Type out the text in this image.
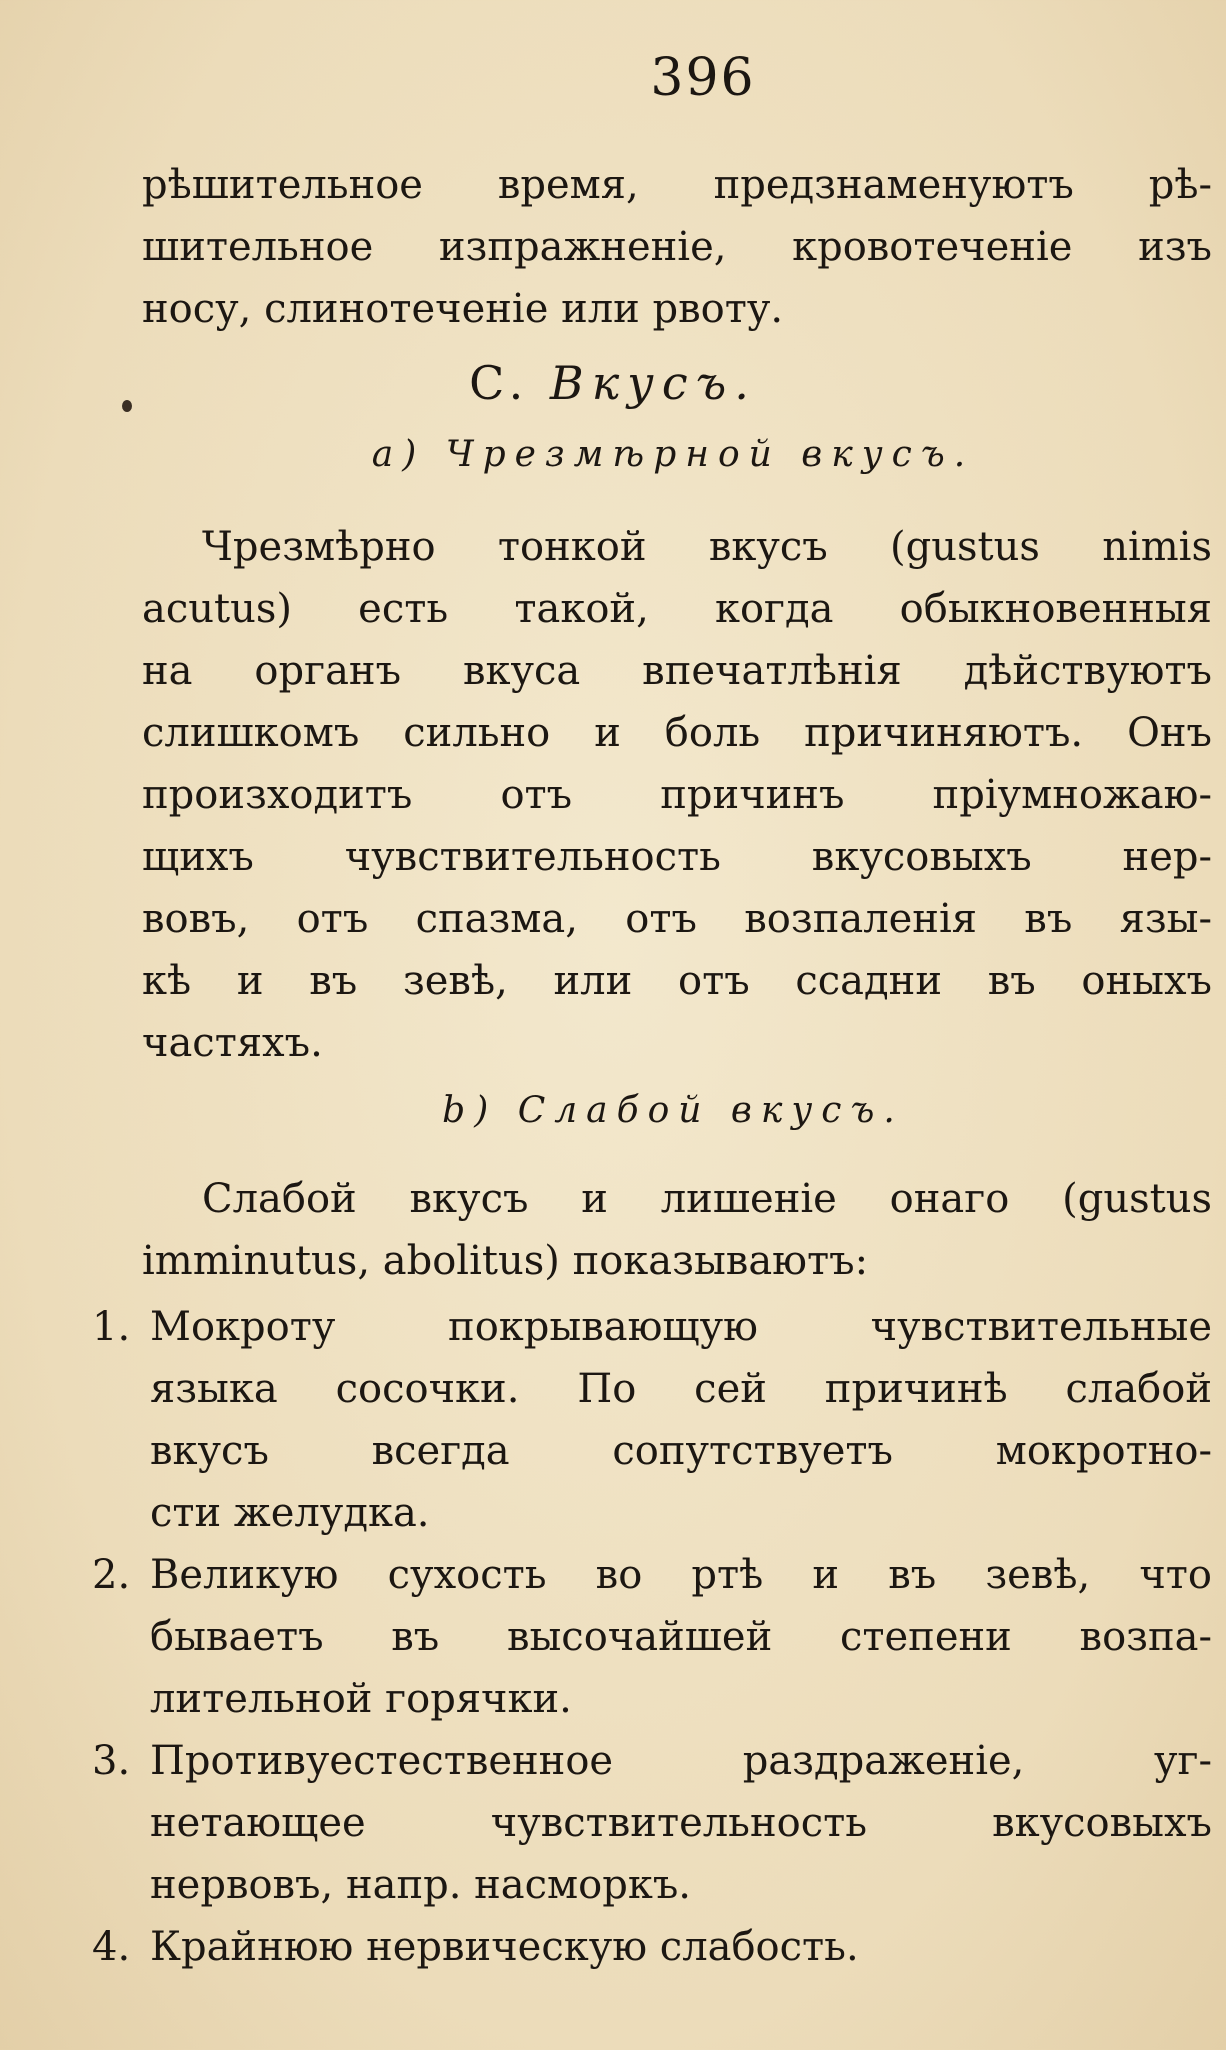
396
рѣшительное время, предзнаменуютъ рѣ-
шительное изпражненіе, кровотеченіе изъ
носу, слинотеченіе или рвоту.
C. Вкусъ.
a) Чрезмѣрной вкусъ.
Чрезмѣрно тонкой вкусъ (gustus nimis
acutus) есть такой, когда обыкновенныя
на органъ вкуса впечатлѣнія дѣйствуютъ
слишкомъ сильно и боль причиняютъ. Онъ
произходитъ отъ причинъ пріумножаю-
щихъ чувствительность вкусовыхъ нер-
вовъ, отъ спазма, отъ возпаленія въ язы-
кѣ и въ зевѣ, или отъ ссадни въ оныхъ
частяхъ.
b) Слабой вкусъ.
Слабой вкусъ и лишеніе онаго (gustus
imminutus, abolitus) показываютъ:
1. Мокроту покрывающую чувствительные
языка сосочки. По сей причинѣ слабой
вкусъ всегда сопутствуетъ мокротно-
сти желудка.
2. Великую сухость во ртѣ и въ зевѣ, что
бываетъ въ высочайшей степени возпа-
лительной горячки.
3. Противуестественное раздраженіе, уг-
нетающее чувствительность вкусовыхъ
нервовъ, напр. насморкъ.
4. Крайнюю нервическую слабость.
